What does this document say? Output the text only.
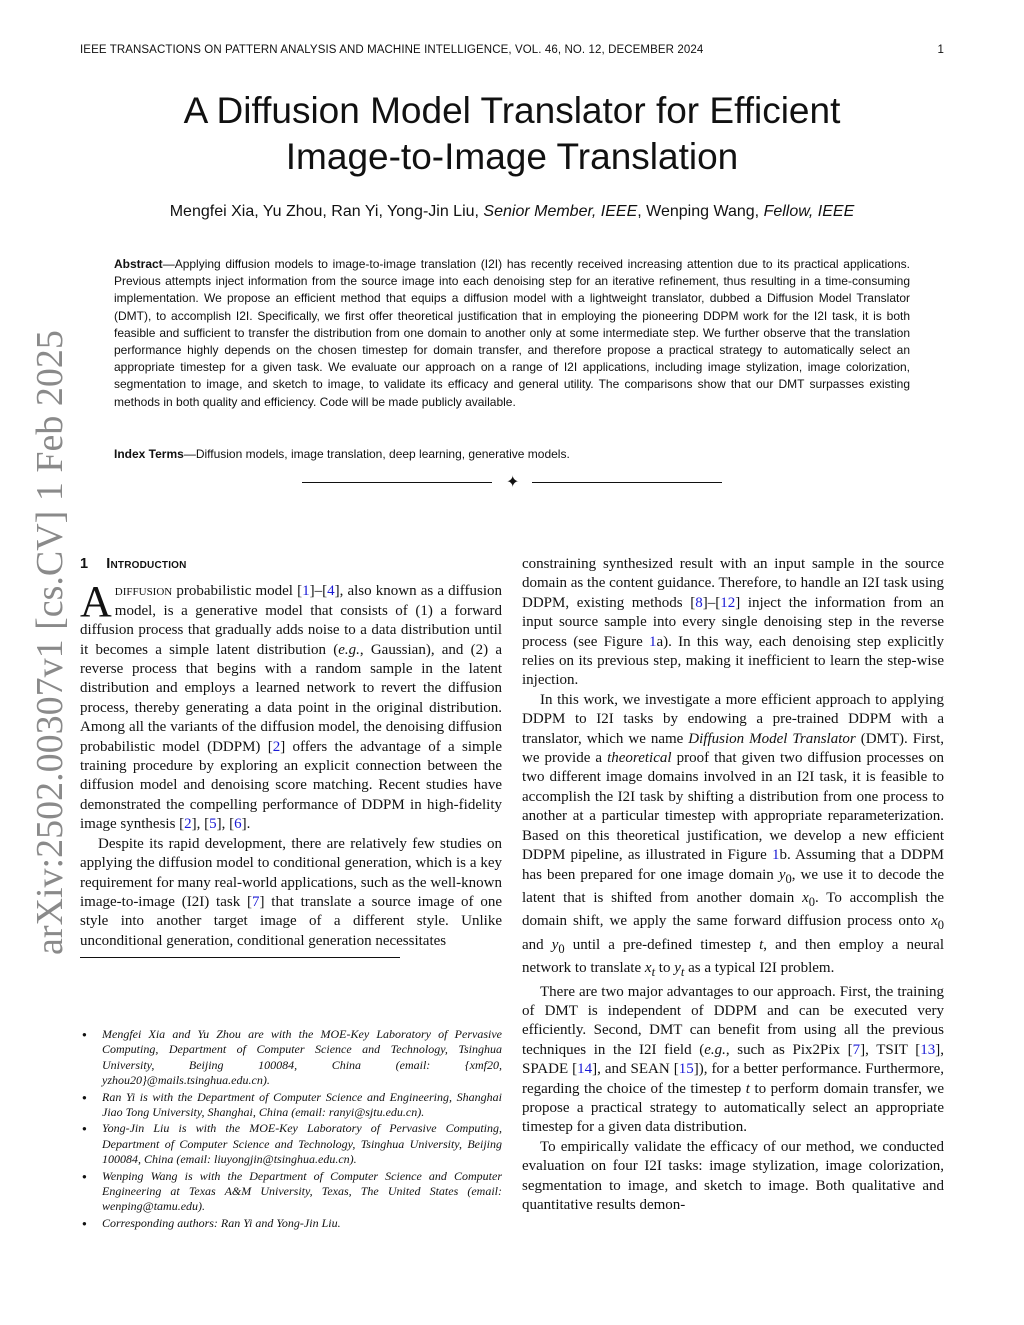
IEEE TRANSACTIONS ON PATTERN ANALYSIS AND MACHINE INTELLIGENCE, VOL. 46, NO. 12, DECEMBER 2024	1
arXiv:2502.00307v1 [cs.CV] 1 Feb 2025
A Diffusion Model Translator for Efficient
Image-to-Image Translation
Mengfei Xia, Yu Zhou, Ran Yi, Yong-Jin Liu, Senior Member, IEEE, Wenping Wang, Fellow, IEEE

Abstract—Applying diffusion models to image-to-image translation (I2I) has recently received increasing attention due to its practical applications. Previous attempts inject information from the source image into each denoising step for an iterative refinement, thus resulting in a time-consuming implementation. We propose an efficient method that equips a diffusion model with a lightweight translator, dubbed a Diffusion Model Translator (DMT), to accomplish I2I. Specifically, we first offer theoretical justification that in employing the pioneering DDPM work for the I2I task, it is both feasible and sufficient to transfer the distribution from one domain to another only at some intermediate step. We further observe that the translation performance highly depends on the chosen timestep for domain transfer, and therefore propose a practical strategy to automatically select an appropriate timestep for a given task. We evaluate our approach on a range of I2I applications, including image stylization, image colorization, segmentation to image, and sketch to image, to validate its efficacy and general utility. The comparisons show that our DMT surpasses existing methods in both quality and efficiency. Code will be made publicly available.

Index Terms—Diffusion models, image translation, deep learning, generative models.

✦
1 Introduction

Adiffusion probabilistic model [1]–[4], also known as a diffusion model, is a generative model that consists of (1) a forward diffusion process that gradually adds noise to a data distribution until it becomes a simple latent distribution (e.g., Gaussian), and (2) a reverse process that begins with a random sample in the latent distribution and employs a learned network to revert the diffusion process, thereby generating a data point in the original distribution. Among all the variants of the diffusion model, the denoising diffusion probabilistic model (DDPM) [2] offers the advantage of a simple training procedure by exploring an explicit connection between the diffusion model and denoising score matching. Recent studies have demonstrated the compelling performance of DDPM in high-fidelity image synthesis [2], [5], [6].

Despite its rapid development, there are relatively few studies on applying the diffusion model to conditional generation, which is a key requirement for many real-world applications, such as the well-known image-to-image (I2I) task [7] that translate a source image of one style into another target image of a different style. Unlike unconditional generation, conditional generation necessitates

● Mengfei Xia and Yu Zhou are with the MOE-Key Laboratory of Pervasive Computing, Department of Computer Science and Technology, Tsinghua University, Beijing 100084, China (email: {xmf20, yzhou20}@mails.tsinghua.edu.cn).

● Ran Yi is with the Department of Computer Science and Engineering, Shanghai Jiao Tong University, Shanghai, China (email: ranyi@sjtu.edu.cn).

● Yong-Jin Liu is with the MOE-Key Laboratory of Pervasive Computing, Department of Computer Science and Technology, Tsinghua University, Beijing 100084, China (email: liuyongjin@tsinghua.edu.cn).

● Wenping Wang is with the Department of Computer Science and Computer Engineering at Texas A&M University, Texas, The United States (email: wenping@tamu.edu).

● Corresponding authors: Ran Yi and Yong-Jin Liu.

constraining synthesized result with an input sample in the source domain as the content guidance. Therefore, to handle an I2I task using DDPM, existing methods [8]–[12] inject the information from an input source sample into every single denoising step in the reverse process (see Figure 1a). In this way, each denoising step explicitly relies on its previous step, making it inefficient to learn the step-wise injection.

In this work, we investigate a more efficient approach to applying DDPM to I2I tasks by endowing a pre-trained DDPM with a translator, which we name Diffusion Model Translator (DMT). First, we provide a theoretical proof that given two diffusion processes on two different image domains involved in an I2I task, it is feasible to accomplish the I2I task by shifting a distribution from one process to another at a particular timestep with appropriate reparameterization. Based on this theoretical justification, we develop a new efficient DDPM pipeline, as illustrated in Figure 1b. Assuming that a DDPM has been prepared for one image domain $y_0$, we use it to decode the latent that is shifted from another domain $x_0$. To accomplish the domain shift, we apply the same forward diffusion process onto $x_0$ and $y_0$ until a pre-defined timestep t, and then employ a neural network to translate $x_t$ to $y_t$ as a typical I2I problem.

There are two major advantages to our approach. First, the training of DMT is independent of DDPM and can be executed very efficiently. Second, DMT can benefit from using all the previous techniques in the I2I field (e.g., such as Pix2Pix [7], TSIT [13], SPADE [14], and SEAN [15]), for a better performance. Furthermore, regarding the choice of the timestep t to perform domain transfer, we propose a practical strategy to automatically select an appropriate timestep for a given data distribution.

To empirically validate the efficacy of our method, we conducted evaluation on four I2I tasks: image stylization, image colorization, segmentation to image, and sketch to image. Both qualitative and quantitative results demon-
